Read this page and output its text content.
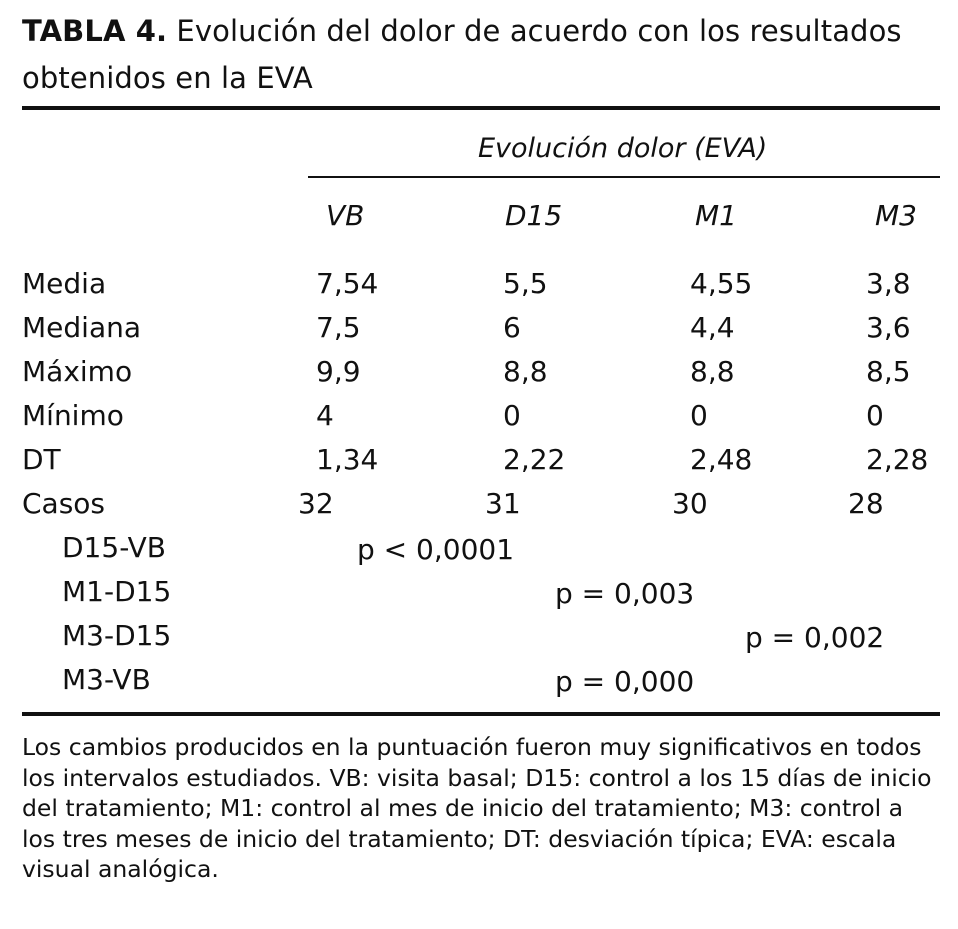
TABLA 4. Evolución del dolor de acuerdo con los resultados
obtenidos en la EVA
Evolución dolor (EVA)
VB	D15	M1	M3
Media	7,54	5,5	4,55	3,8
Mediana	7,5	6	4,4	3,6
Máximo	9,9	8,8	8,8	8,5
Mínimo	4	0	0	0
DT	1,34	2,22	2,48	2,28
Casos	32	31	30	28
D15-VB	p < 0,0001
M1-D15	p = 0,003
M3-D15	p = 0,002
M3-VB	p = 0,000
Los cambios producidos en la puntuación fueron muy significativos en todos los intervalos estudiados. VB: visita basal; D15: control a los 15 días de inicio del tratamiento; M1: control al mes de inicio del tratamiento; M3: control a los tres meses de inicio del tratamiento; DT: desviación típica; EVA: escala visual analógica.
